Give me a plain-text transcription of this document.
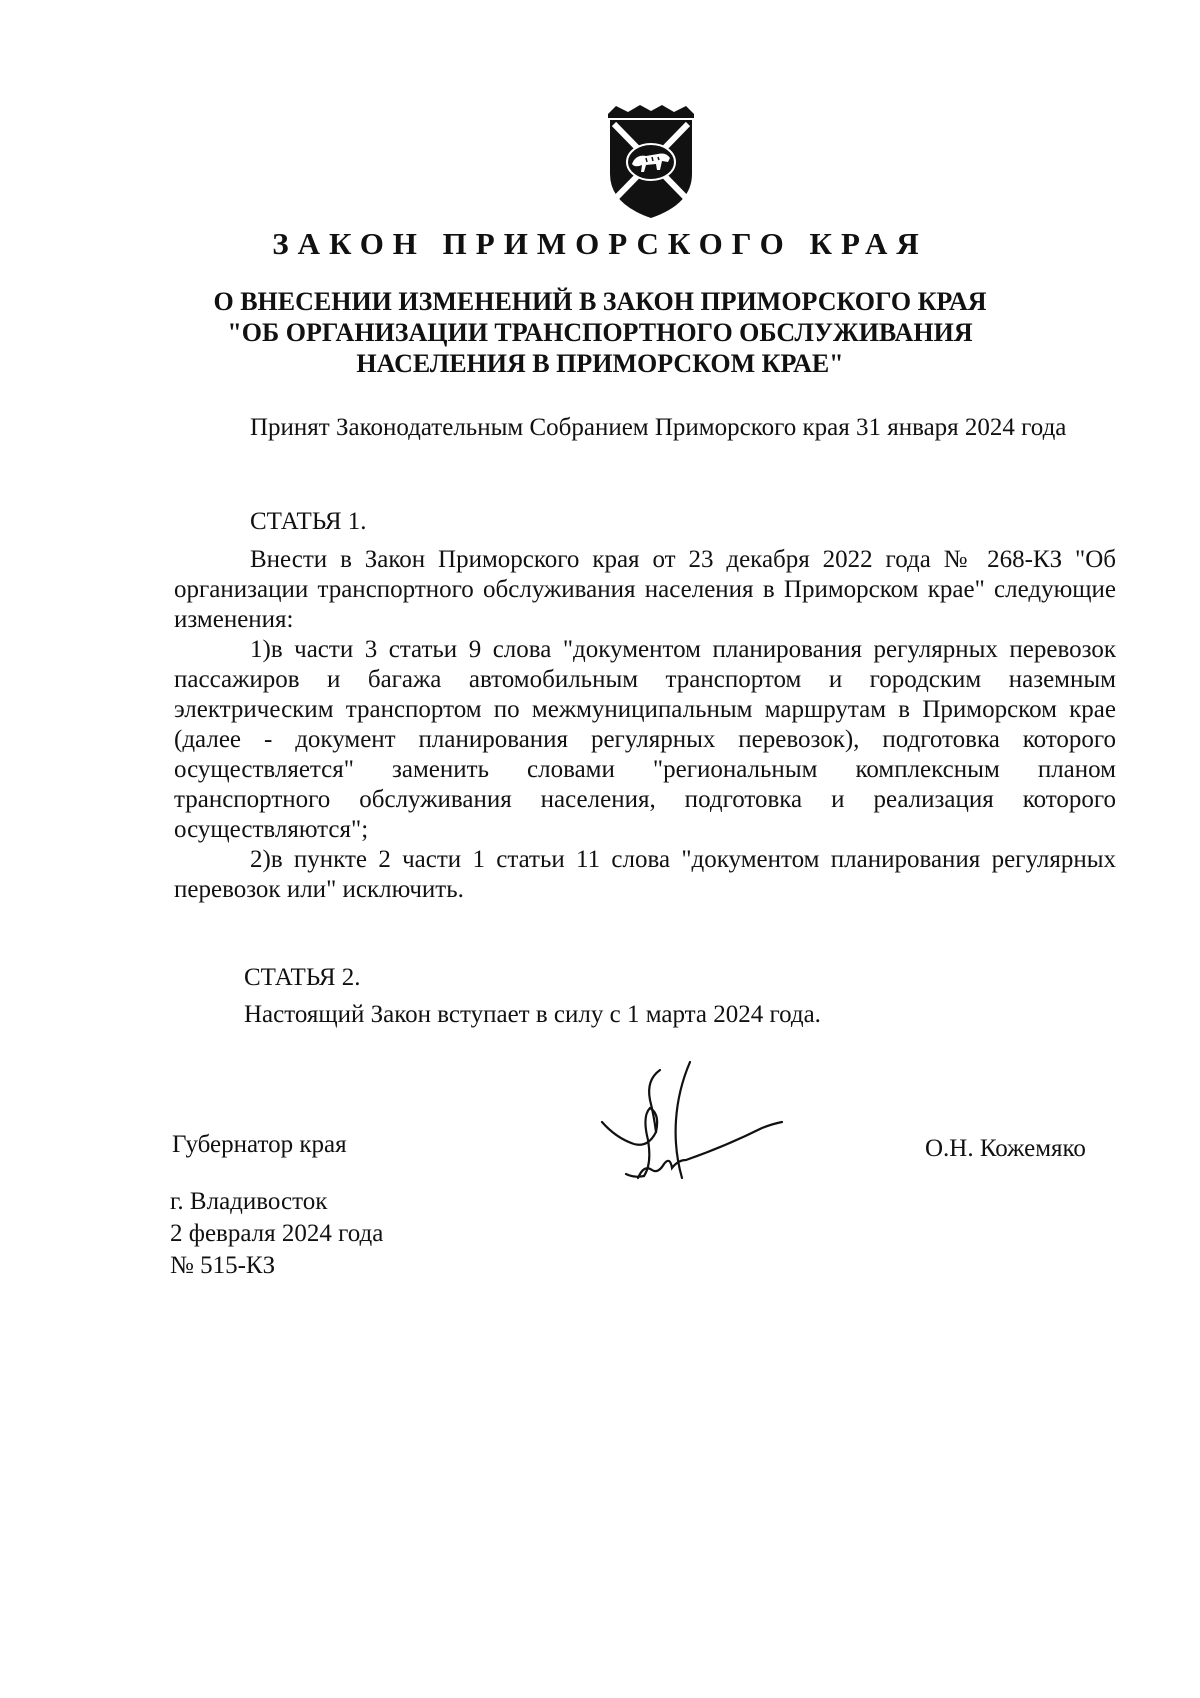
ЗАКОН ПРИМОРСКОГО КРАЯ
О ВНЕСЕНИИ ИЗМЕНЕНИЙ В ЗАКОН ПРИМОРСКОГО КРАЯ
"ОБ ОРГАНИЗАЦИИ ТРАНСПОРТНОГО ОБСЛУЖИВАНИЯ
НАСЕЛЕНИЯ В ПРИМОРСКОМ КРАЕ"

Принят Законодательным Собранием Приморского края 31 января 2024 года

СТАТЬЯ 1.

Внести в Закон Приморского края от 23 декабря 2022 года № 268-КЗ "Об организации транспортного обслуживания населения в Приморском крае" следующие изменения:

1)в части 3 статьи 9 слова "документом планирования регулярных перевозок пассажиров и багажа автомобильным транспортом и городским наземным электрическим транспортом по межмуниципальным маршрутам в Приморском крае (далее - документ планирования регулярных перевозок), подготовка которого осуществляется" заменить словами "региональным комплексным планом транспортного обслуживания населения, подготовка и реализация которого осуществляются";

2)в пункте 2 части 1 статьи 11 слова "документом планирования регулярных перевозок или" исключить.

СТАТЬЯ 2.
Настоящий Закон вступает в силу с 1 марта 2024 года.
Губернатор края	О.Н. Кожемяко
г. Владивосток
2 февраля 2024 года
№ 515-КЗ
